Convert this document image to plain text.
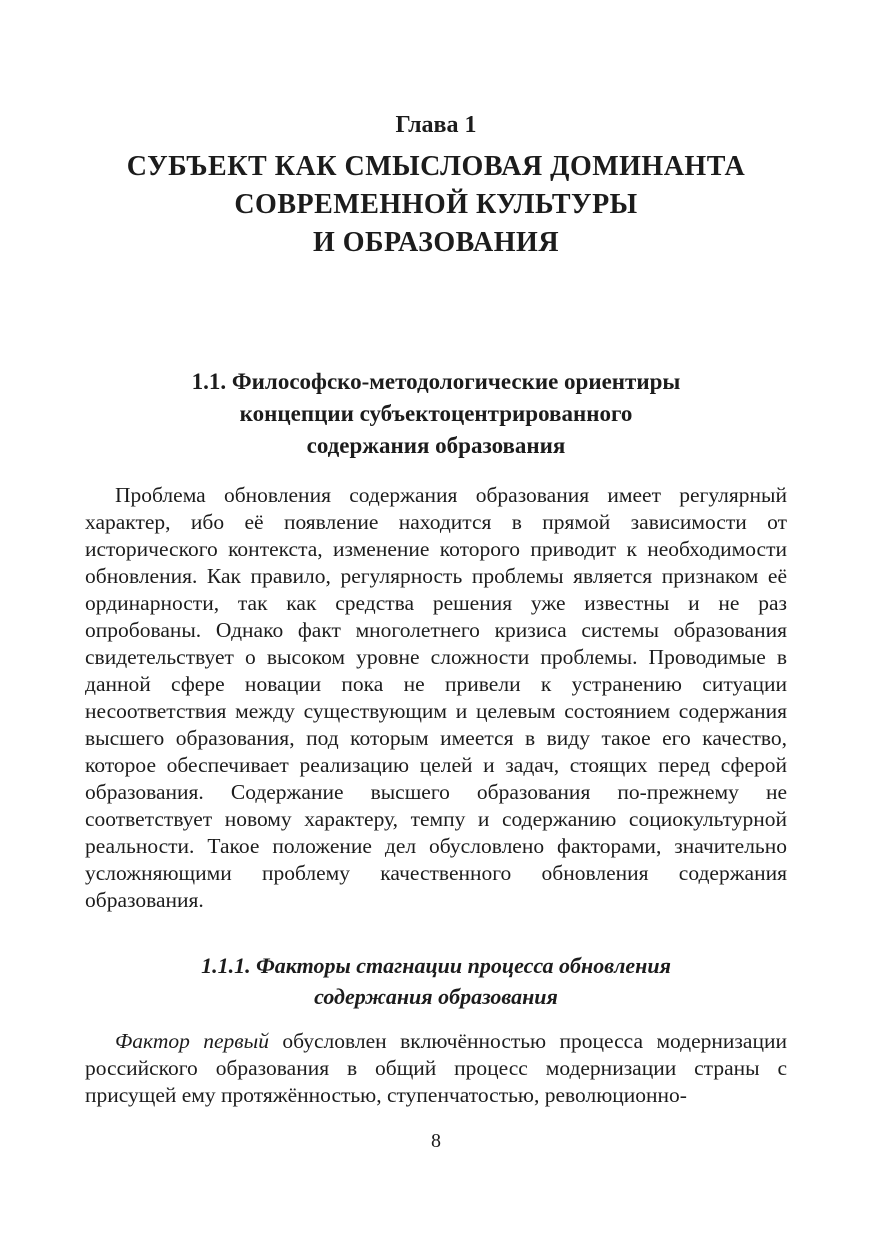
Глава 1
СУБЪЕКТ КАК СМЫСЛОВАЯ ДОМИНАНТА
СОВРЕМЕННОЙ КУЛЬТУРЫ
И ОБРАЗОВАНИЯ
1.1. Философско-методологические ориентиры
концепции субъектоцентрированного
содержания образования

Проблема обновления содержания образования имеет регулярный характер, ибо её появление находится в прямой зависимости от исторического контекста, изменение которого приводит к необходимости обновления. Как правило, регулярность проблемы является признаком её ординарности, так как средства решения уже известны и не раз опробованы. Однако факт многолетнего кризиса системы образования свидетельствует о высоком уровне сложности проблемы. Проводимые в данной сфере новации пока не привели к устранению ситуации несоответствия между существующим и целевым состоянием содержания высшего образования, под которым имеется в виду такое его качество, которое обеспечивает реализацию целей и задач, стоящих перед сферой образования. Содержание высшего образования по-прежнему не соответствует новому характеру, темпу и содержанию социокультурной реальности. Такое положение дел обусловлено факторами, значительно усложняющими проблему качественного обновления содержания образования.

1.1.1. Факторы стагнации процесса обновления
содержания образования

Фактор первый обусловлен включённостью процесса модернизации российского образования в общий процесс модернизации страны с присущей ему протяжённостью, ступенчатостью, революционно-

8
